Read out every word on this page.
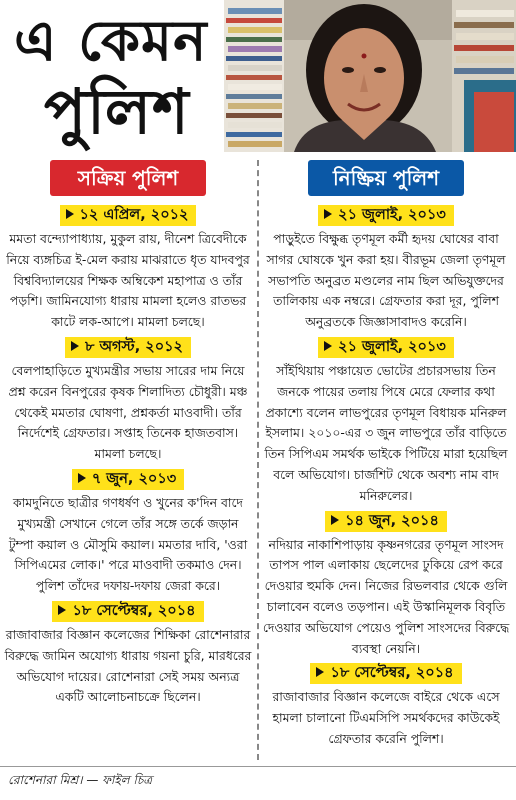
এ কেমন
পুলিশ
সক্রিয় পুলিশ
১২ এপ্রিল, ২০১২

মমতা বন্দ্যোপাধ্যায়, মুকুল রায়, দীনেশ ত্রিবেদীকে নিয়ে ব্যঙ্গচিত্র ই-মেল করায় মাঝরাতে ধৃত যাদবপুর বিশ্ববিদ্যালয়ের শিক্ষক অম্বিকেশ মহাপাত্র ও তাঁর পড়শি। জামিনযোগ্য ধারায় মামলা হলেও রাতভর কাটে লক-আপে। মামলা চলছে।

৮ অগস্ট, ২০১২

বেলপাহাড়িতে মুখ্যমন্ত্রীর সভায় সারের দাম নিয়ে প্রশ্ন করেন বিনপুরের কৃষক শিলাদিত্য চৌধুরী। মঞ্চ থেকেই মমতার ঘোষণা, প্রশ্নকর্তা মাওবাদী। তাঁর নির্দেশেই গ্রেফতার। সপ্তাহ তিনেক হাজতবাস। মামলা চলছে।

৭ জুন, ২০১৩

কামদুনিতে ছাত্রীর গণধর্ষণ ও খুনের ক'দিন বাদে মুখ্যমন্ত্রী সেখানে গেলে তাঁর সঙ্গে তর্কে জড়ান টুম্পা কয়াল ও মৌসুমি কয়াল। মমতার দাবি, 'ওরা সিপিএমের লোক।' পরে মাওবাদী তকমাও দেন। পুলিশ তাঁদের দফায়-দফায় জেরা করে।

১৮ সেপ্টেম্বর, ২০১৪

রাজাবাজার বিজ্ঞান কলেজের শিক্ষিকা রোশেনারার বিরুদ্ধে জামিন অযোগ্য ধারায় গয়না চুরি, মারধরের অভিযোগ দায়ের। রোশেনারা সেই সময় অন্যত্র একটি আলোচনাচক্রে ছিলেন।

নিষ্ক্রিয় পুলিশ
২১ জুলাই, ২০১৩

পাড়ুইতে বিক্ষুব্ধ তৃণমূল কর্মী হৃদয় ঘোষের বাবা সাগর ঘোষকে খুন করা হয়। বীরভূম জেলা তৃণমূল সভাপতি অনুব্রত মণ্ডলের নাম ছিল অভিযুক্তদের তালিকায় এক নম্বরে। গ্রেফতার করা দূর, পুলিশ অনুব্রতকে জিজ্ঞাসাবাদও করেনি।

২১ জুলাই, ২০১৩

সাঁইথিয়ায় পঞ্চায়েত ভোটের প্রচারসভায় তিন জনকে পায়ের তলায় পিষে মেরে ফেলার কথা প্রকাশ্যে বলেন লাভপুরের তৃণমূল বিধায়ক মনিরুল ইসলাম। ২০১০-এর ৩ জুন লাভপুরে তাঁর বাড়িতে তিন সিপিএম সমর্থক ভাইকে পিটিয়ে মারা হয়েছিল বলে অভিযোগ। চার্জশিট থেকে অবশ্য নাম বাদ মনিরুলের।

১৪ জুন, ২০১৪

নদিয়ার নাকাশিপাড়ায় কৃষ্ণনগরের তৃণমূল সাংসদ তাপস পাল এলাকায় ছেলেদের ঢুকিয়ে রেপ করে দেওয়ার হুমকি দেন। নিজের রিভলবার থেকে গুলি চালাবেন বলেও তড়পান। এই উস্কানিমূলক বিবৃতি দেওয়ার অভিযোগ পেয়েও পুলিশ সাংসদের বিরুদ্ধে ব্যবস্থা নেয়নি।

১৮ সেপ্টেম্বর, ২০১৪

রাজাবাজার বিজ্ঞান কলেজে বাইরে থেকে এসে হামলা চালানো টিএমসিপি সমর্থকদের কাউকেই গ্রেফতার করেনি পুলিশ।

রোশেনারা মিশ্র। — ফাইল চিত্র
